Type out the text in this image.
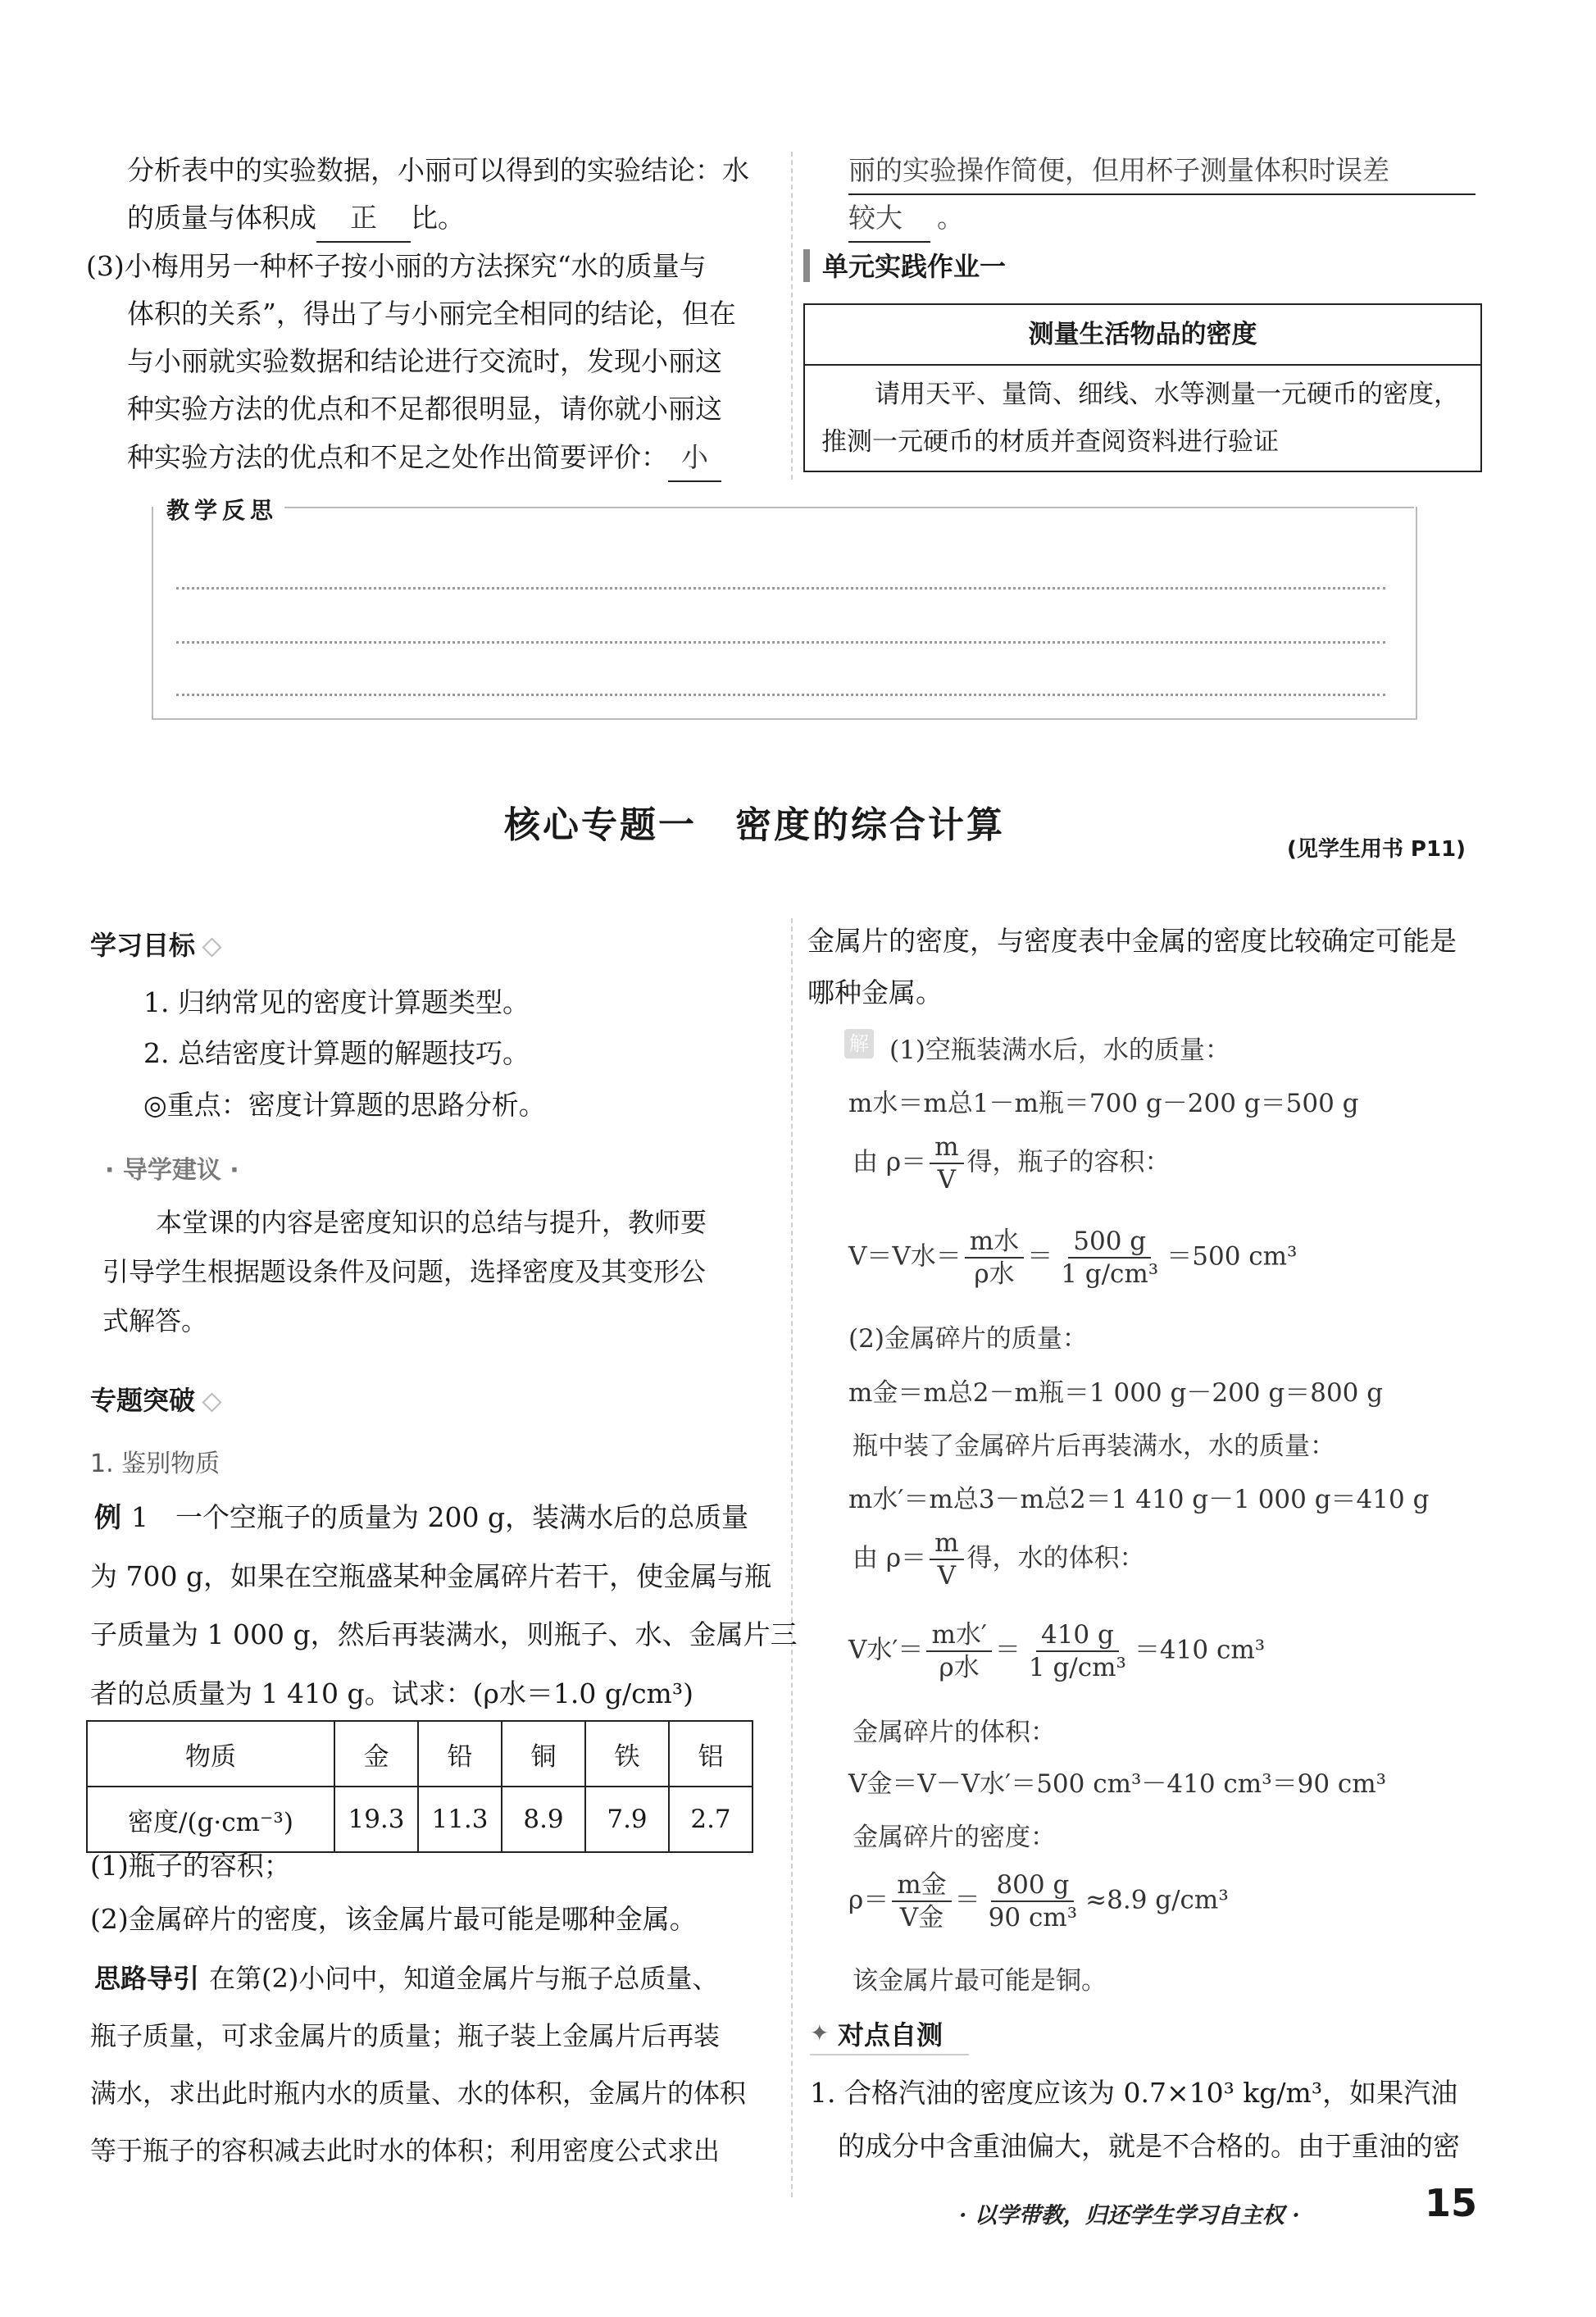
分析表中的实验数据，小丽可以得到的实验结论：水
的质量与体积成 正 比。
(3)小梅用另一种杯子按小丽的方法探究“水的质量与
体积的关系”，得出了与小丽完全相同的结论，但在
与小丽就实验数据和结论进行交流时，发现小丽这
种实验方法的优点和不足都很明显，请你就小丽这
种实验方法的优点和不足之处作出简要评价： 小
丽的实验操作简便，但用杯子测量体积时误差
较大 。
单元实践作业一
测量生活物品的密度
请用天平、量筒、细线、水等测量一元硬币的密度，
推测一元硬币的材质并查阅资料进行验证
教学反思
核心专题一　密度的综合计算
(见学生用书 P11)
学习目标
1. 归纳常见的密度计算题类型。
2. 总结密度计算题的解题技巧。
◎重点：密度计算题的思路分析。
· 导学建议 ·
本堂课的内容是密度知识的总结与提升，教师要
引导学生根据题设条件及问题，选择密度及其变形公
式解答。
专题突破
1. 鉴别物质
例 1　一个空瓶子的质量为 200 g，装满水后的总质量
为 700 g，如果在空瓶盛某种金属碎片若干，使金属与瓶
子质量为 1 000 g，然后再装满水，则瓶子、水、金属片三
者的总质量为 1 410 g。试求：(ρ水＝1.0 g/cm³)
物质	金	铅	铜	铁	铝
密度/(g·cm⁻³)	19.3	11.3	8.9	7.9	2.7
(1)瓶子的容积；
(2)金属碎片的密度，该金属片最可能是哪种金属。
思路导引 在第(2)小问中，知道金属片与瓶子总质量、
瓶子质量，可求金属片的质量；瓶子装上金属片后再装
满水，求出此时瓶内水的质量、水的体积，金属片的体积
等于瓶子的容积减去此时水的体积；利用密度公式求出
金属片的密度，与密度表中金属的密度比较确定可能是
哪种金属。
解 (1)空瓶装满水后，水的质量：
m水＝m总1－m瓶＝700 g－200 g＝500 g
由 $\rho= \frac{m}{V}$ 得，瓶子的容积：
V＝V水＝ $\frac{\text{m水}}{\text{ρ水}} = \frac{500 g}{\text{1 g/cm³}} =500$ cm³
(2)金属碎片的质量：
m金＝m总2－m瓶＝1 000 g－200 g＝800 g
瓶中装了金属碎片后再装满水，水的质量：
m水′＝m总3－m总2＝1 410 g－1 000 g＝410 g
由 $\rho= \frac{m}{V}$ 得，水的体积：
V水′＝ $\frac{\text{m水′}}{\text{ρ水}} = \frac{410 g}{\text{1 g/cm³}} =410$ cm³
金属碎片的体积：
V金＝V－V水′＝500 cm³－410 cm³＝90 cm³
金属碎片的密度：
$\rho= \frac{\text{m金}}{\text{V金}} = \frac{800 g}{\text{90 cm³}} \approx 8.9$ g/cm³
该金属片最可能是铜。
✦ 对点自测
1. 合格汽油的密度应该为 0.7×10³ kg/m³，如果汽油
的成分中含重油偏大，就是不合格的。由于重油的密
· 以学带教，归还学生学习自主权 ·	15
